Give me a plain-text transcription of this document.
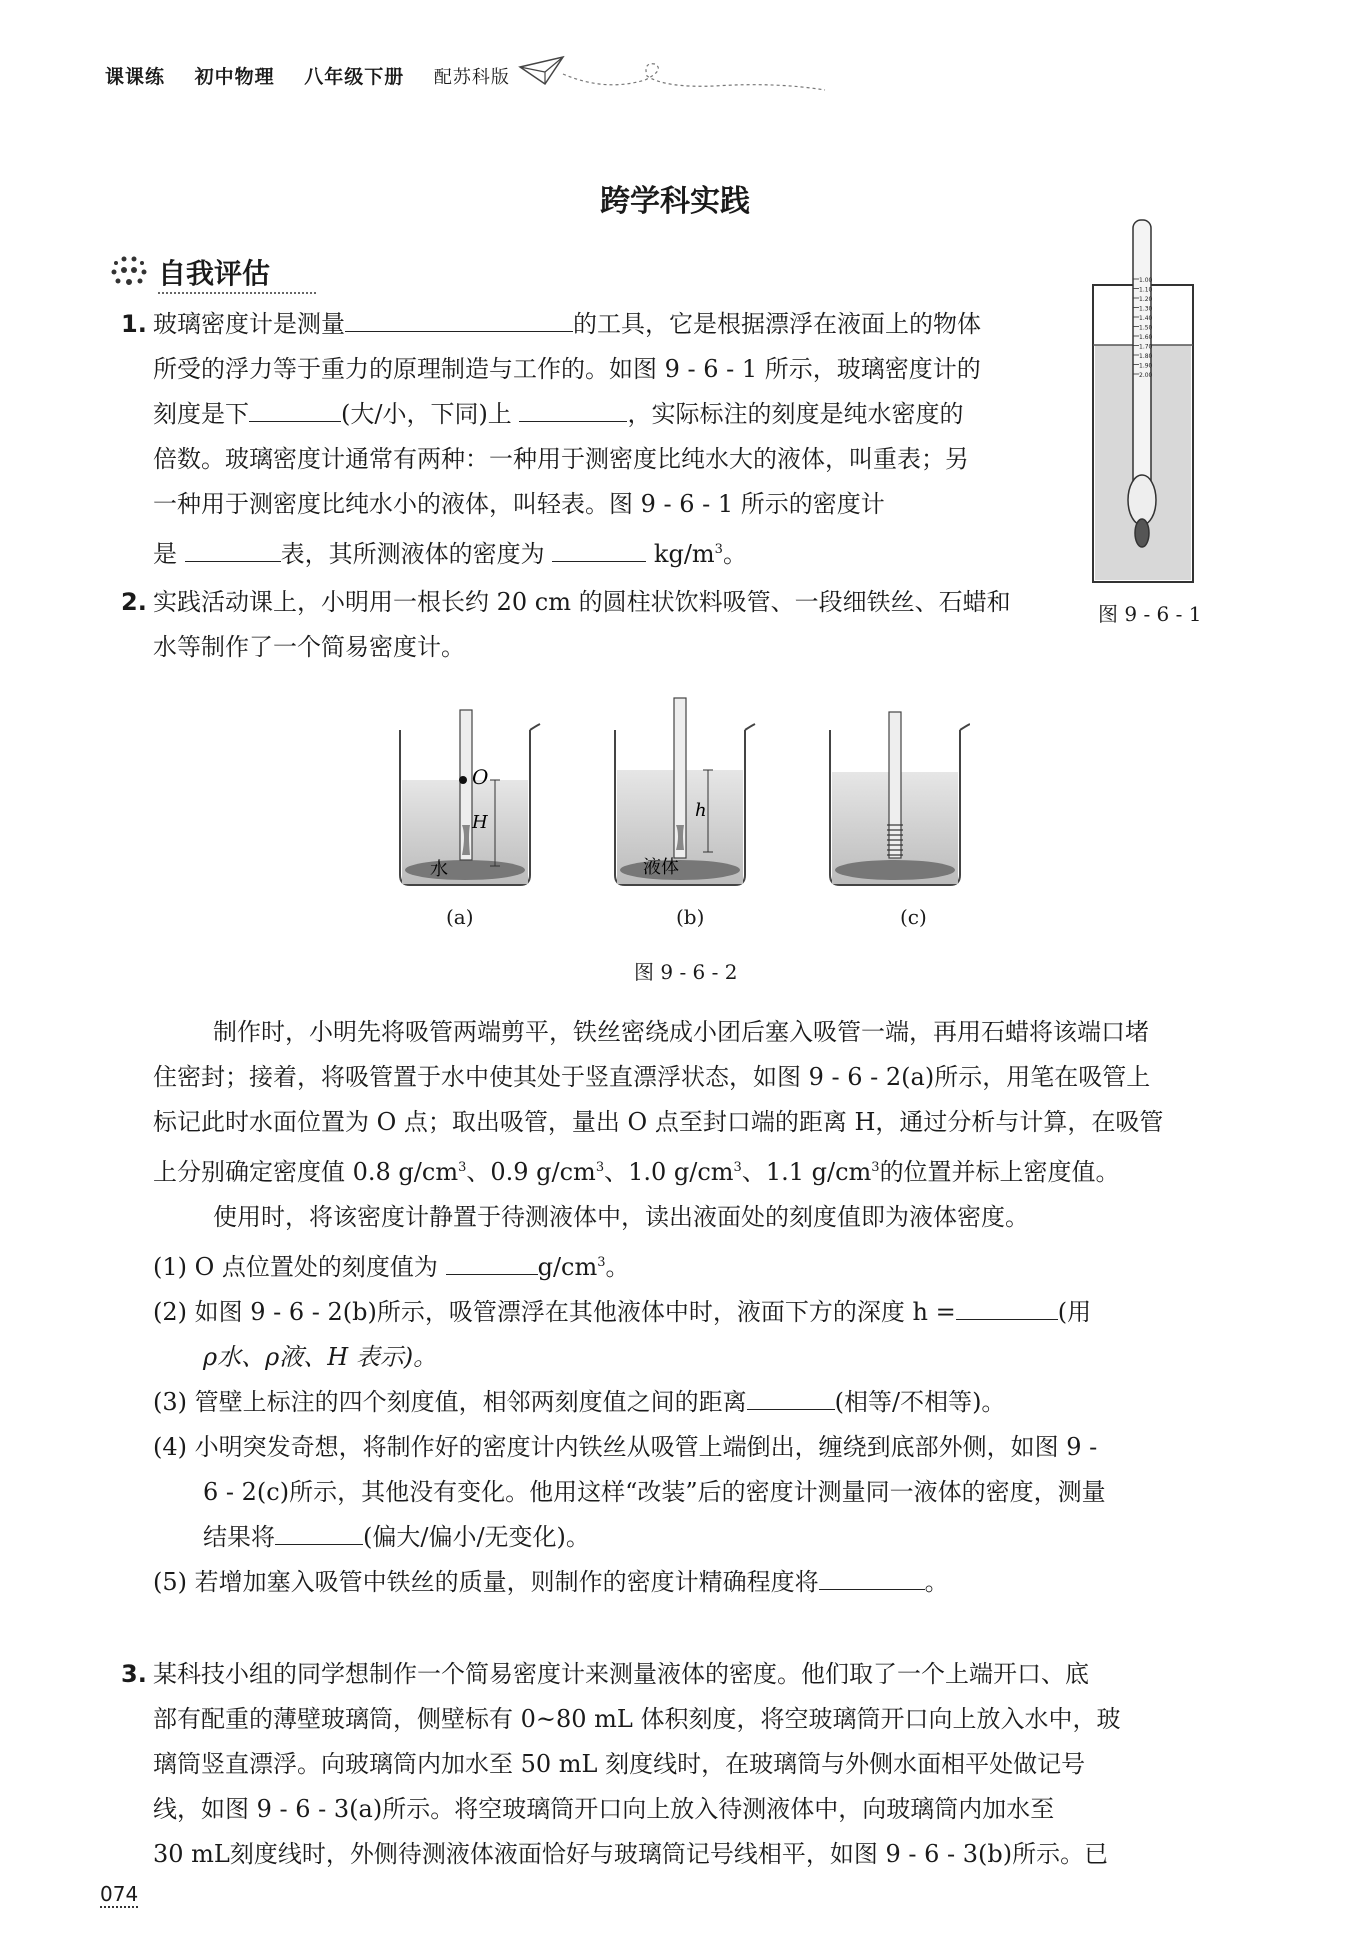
课课练 初中物理 八年级下册 配苏科版
跨学科实践
自我评估
1. 玻璃密度计是测量	的工具，它是根据漂浮在液面上的物体
所受的浮力等于重力的原理制造与工作的。如图 9 - 6 - 1 所示，玻璃密度计的
刻度是下	(大/小，下同)上	，实际标注的刻度是纯水密度的
倍数。玻璃密度计通常有两种：一种用于测密度比纯水大的液体，叫重表；另
一种用于测密度比纯水小的液体，叫轻表。图 9 - 6 - 1 所示的密度计
是	表，其所测液体的密度为	$kg/m^3$。
1.00
1.10
1.20
1.30
1.40
1.50
1.60
1.70
1.80
1.90
2.00
图 9 - 6 - 1
2. 实践活动课上，小明用一根长约 20 cm 的圆柱状饮料吸管、一段细铁丝、石蜡和
水等制作了一个简易密度计。
O
H
h
水	液体
(a)	(b)	(c)
图 9 - 6 - 2
制作时，小明先将吸管两端剪平，铁丝密绕成小团后塞入吸管一端，再用石蜡将该端口堵
住密封；接着，将吸管置于水中使其处于竖直漂浮状态，如图 9 - 6 - 2(a)所示，用笔在吸管上
标记此时水面位置为 O 点；取出吸管，量出 O 点至封口端的距离 H，通过分析与计算，在吸管
上分别确定密度值 0.8 $g/cm^3$、0.9 $g/cm^3$、1.0 $g/cm^3$、1.1 $g/cm^3$的位置并标上密度值。
使用时，将该密度计静置于待测液体中，读出液面处的刻度值即为液体密度。
(1) O 点位置处的刻度值为	$g/cm^3$。
(2) 如图 9 - 6 - 2(b)所示，吸管漂浮在其他液体中时，液面下方的深度 h =	(用
ρ水、ρ液、H 表示)。
(3) 管壁上标注的四个刻度值，相邻两刻度值之间的距离	(相等/不相等)。
(4) 小明突发奇想，将制作好的密度计内铁丝从吸管上端倒出，缠绕到底部外侧，如图 9 -
6 - 2(c)所示，其他没有变化。他用这样“改装”后的密度计测量同一液体的密度，测量
结果将	(偏大/偏小/无变化)。
(5) 若增加塞入吸管中铁丝的质量，则制作的密度计精确程度将	。
3. 某科技小组的同学想制作一个简易密度计来测量液体的密度。他们取了一个上端开口、底
部有配重的薄壁玻璃筒，侧壁标有 0~80 mL 体积刻度，将空玻璃筒开口向上放入水中，玻
璃筒竖直漂浮。向玻璃筒内加水至 50 mL 刻度线时，在玻璃筒与外侧水面相平处做记号
线，如图 9 - 6 - 3(a)所示。将空玻璃筒开口向上放入待测液体中，向玻璃筒内加水至
30 mL刻度线时，外侧待测液体液面恰好与玻璃筒记号线相平，如图 9 - 6 - 3(b)所示。已
074
